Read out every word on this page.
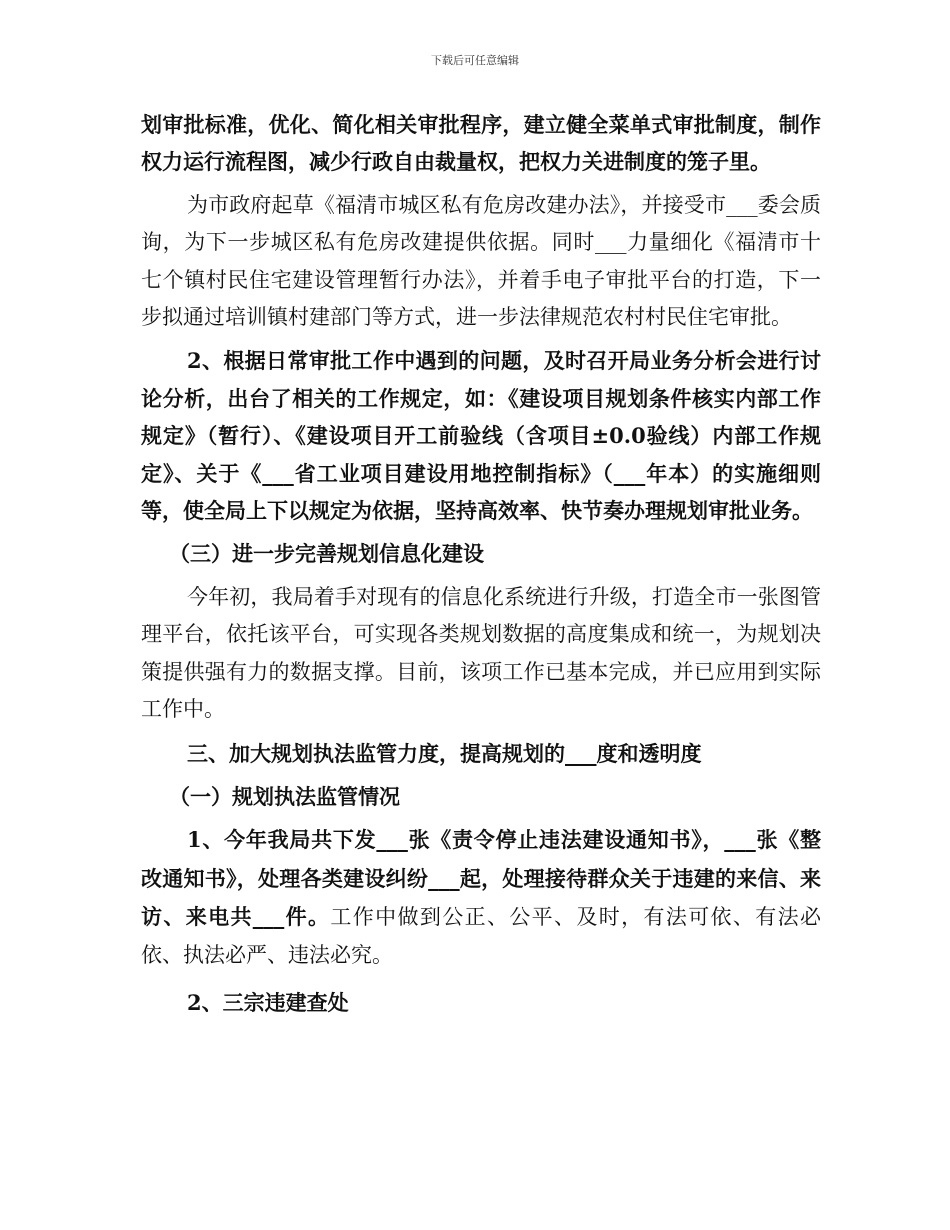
下载后可任意编辑

划审批标准，优化、简化相关审批程序，建立健全菜单式审批制度，制作权力运行流程图，减少行政自由裁量权，把权力关进制度的笼子里。

为市政府起草《福清市城区私有危房改建办法》，并接受市___委会质询，为下一步城区私有危房改建提供依据。同时___力量细化《福清市十七个镇村民住宅建设管理暂行办法》，并着手电子审批平台的打造，下一步拟通过培训镇村建部门等方式，进一步法律规范农村村民住宅审批。

2、根据日常审批工作中遇到的问题，及时召开局业务分析会进行讨论分析，出台了相关的工作规定，如：《建设项目规划条件核实内部工作规定》（暂行）、《建设项目开工前验线（含项目±0.0验线）内部工作规定》、关于《___省工业项目建设用地控制指标》（___年本）的实施细则等，使全局上下以规定为依据，坚持高效率、快节奏办理规划审批业务。

（三）进一步完善规划信息化建设

今年初，我局着手对现有的信息化系统进行升级，打造全市一张图管理平台，依托该平台，可实现各类规划数据的高度集成和统一，为规划决策提供强有力的数据支撑。目前，该项工作已基本完成，并已应用到实际工作中。

三、加大规划执法监管力度，提高规划的___度和透明度

（一）规划执法监管情况

1、今年我局共下发___张《责令停止违法建设通知书》，___张《整改通知书》，处理各类建设纠纷___起，处理接待群众关于违建的来信、来访、来电共___件。工作中做到公正、公平、及时，有法可依、有法必依、执法必严、违法必究。

2、三宗违建查处
